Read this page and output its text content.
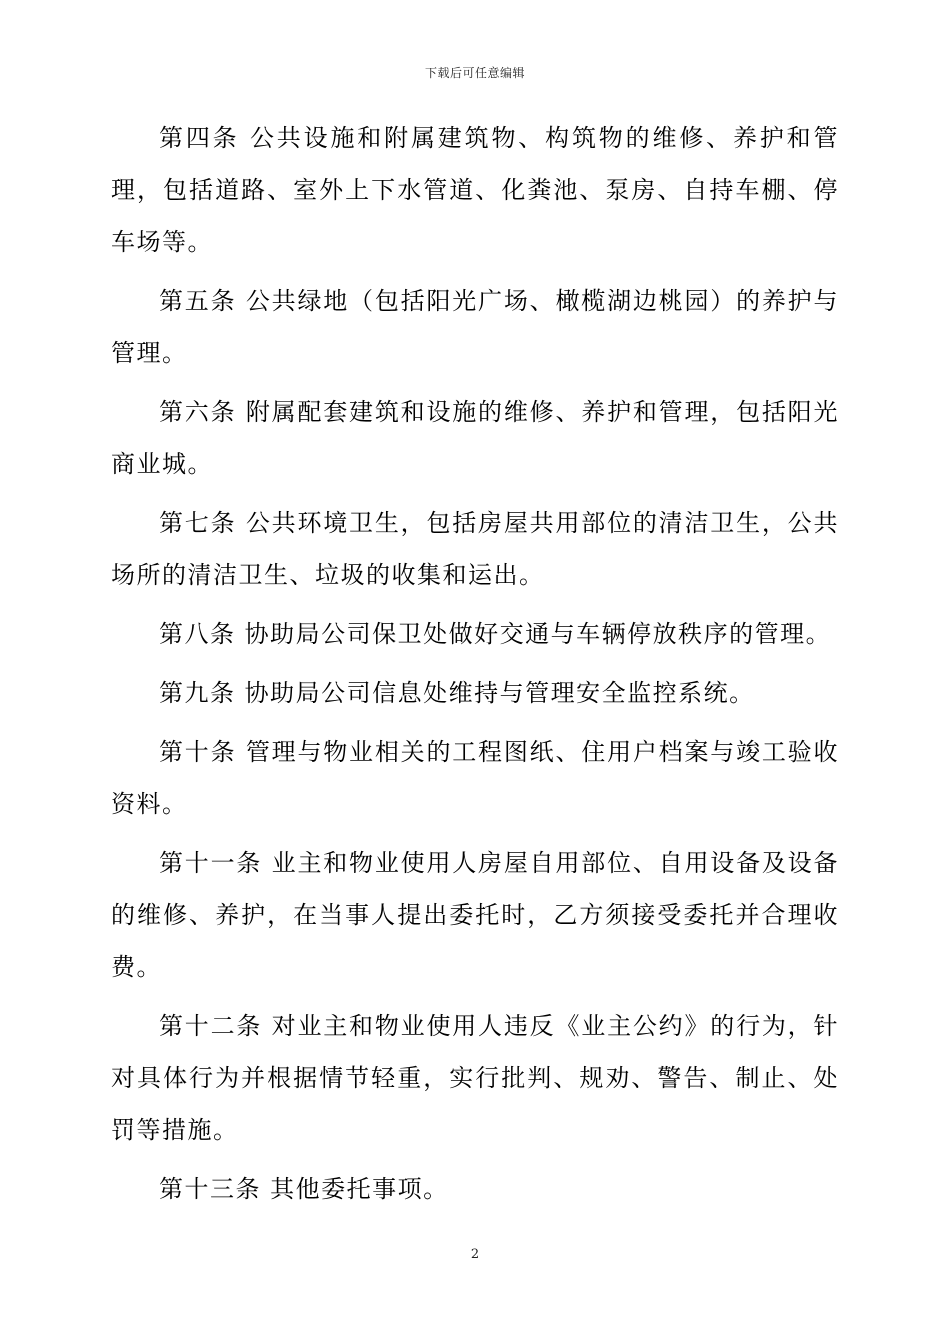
下载后可任意编辑

第四条 公共设施和附属建筑物、构筑物的维修、养护和管理，包括道路、室外上下水管道、化粪池、泵房、自持车棚、停车场等。

第五条 公共绿地（包括阳光广场、橄榄湖边桃园）的养护与管理。

第六条 附属配套建筑和设施的维修、养护和管理，包括阳光商业城。

第七条 公共环境卫生，包括房屋共用部位的清洁卫生，公共场所的清洁卫生、垃圾的收集和运出。

第八条 协助局公司保卫处做好交通与车辆停放秩序的管理。

第九条 协助局公司信息处维持与管理安全监控系统。

第十条 管理与物业相关的工程图纸、住用户档案与竣工验收资料。

第十一条 业主和物业使用人房屋自用部位、自用设备及设备的维修、养护，在当事人提出委托时，乙方须接受委托并合理收费。

第十二条 对业主和物业使用人违反《业主公约》的行为，针对具体行为并根据情节轻重，实行批判、规劝、警告、制止、处罚等措施。

第十三条 其他委托事项。

2
